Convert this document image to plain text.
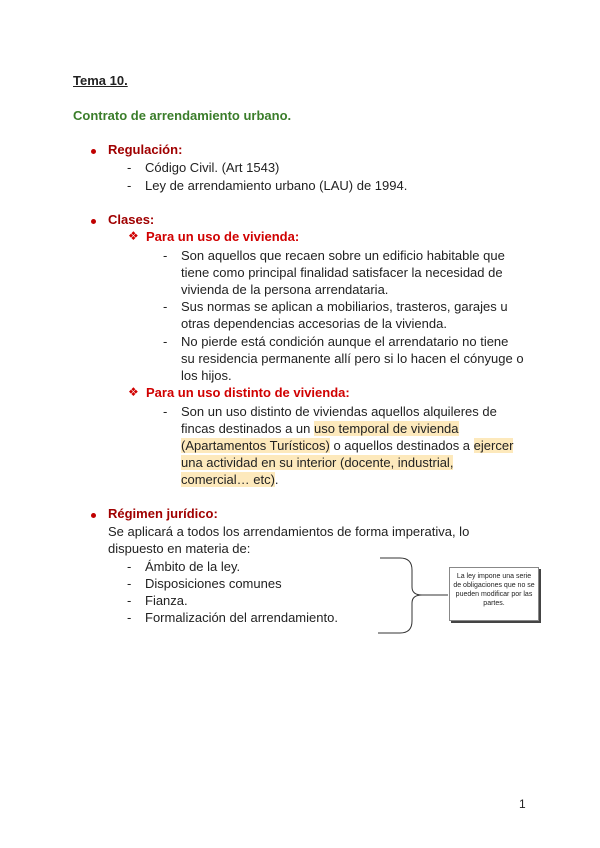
Tema 10.
Contrato de arrendamiento urbano.
Regulación:
- Código Civil. (Art 1543)
- Ley de arrendamiento urbano (LAU) de 1994.
Clases:
❖ Para un uso de vivienda:
- Son aquellos que recaen sobre un edificio habitable que
tiene como principal finalidad satisfacer la necesidad de
vivienda de la persona arrendataria.
- Sus normas se aplican a mobiliarios, trasteros, garajes u
otras dependencias accesorias de la vivienda.
- No pierde está condición aunque el arrendatario no tiene
su residencia permanente allí pero si lo hacen el cónyuge o
los hijos.
❖ Para un uso distinto de vivienda:
- Son un uso distinto de viviendas aquellos alquileres de
fincas destinados a un uso temporal de vivienda
(Apartamentos Turísticos) o aquellos destinados a ejercer
una actividad en su interior (docente, industrial,
comercial… etc).
Régimen jurídico:
Se aplicará a todos los arrendamientos de forma imperativa, lo
dispuesto en materia de:
- Ámbito de la ley.
- Disposiciones comunes
- Fianza.
- Formalización del arrendamiento.
La ley impone una serie de obligaciones que no se pueden modificar por las partes.
1
